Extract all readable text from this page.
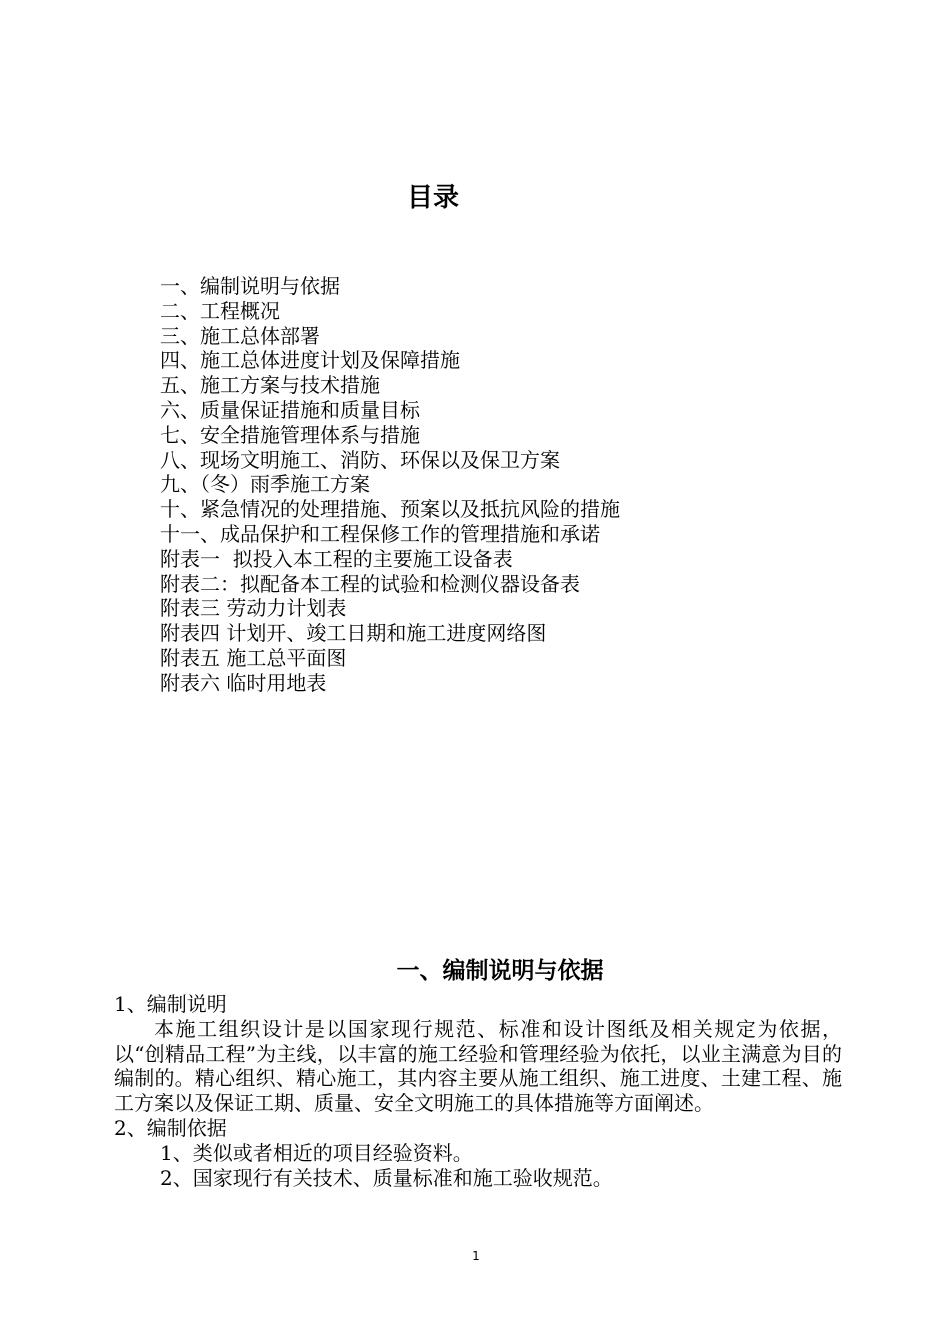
目录
一、编制说明与依据
二、工程概况
三、施工总体部署
四、施工总体进度计划及保障措施
五、施工方案与技术措施
六、质量保证措施和质量目标
七、安全措施管理体系与措施
八、现场文明施工、消防、环保以及保卫方案
九、（冬）雨季施工方案
十、紧急情况的处理措施、预案以及抵抗风险的措施
十一、成品保护和工程保修工作的管理措施和承诺
附表一  拟投入本工程的主要施工设备表
附表二：拟配备本工程的试验和检测仪器设备表
附表三 劳动力计划表
附表四 计划开、竣工日期和施工进度网络图
附表五 施工总平面图
附表六 临时用地表
一、编制说明与依据
1、编制说明

本施工组织设计是以国家现行规范、标准和设计图纸及相关规定为依据，以“创精品工程”为主线，以丰富的施工经验和管理经验为依托，以业主满意为目的编制的。精心组织、精心施工，其内容主要从施工组织、施工进度、土建工程、施工方案以及保证工期、质量、安全文明施工的具体措施等方面阐述。

2、编制依据
1、类似或者相近的项目经验资料。
2、国家现行有关技术、质量标准和施工验收规范。
1
